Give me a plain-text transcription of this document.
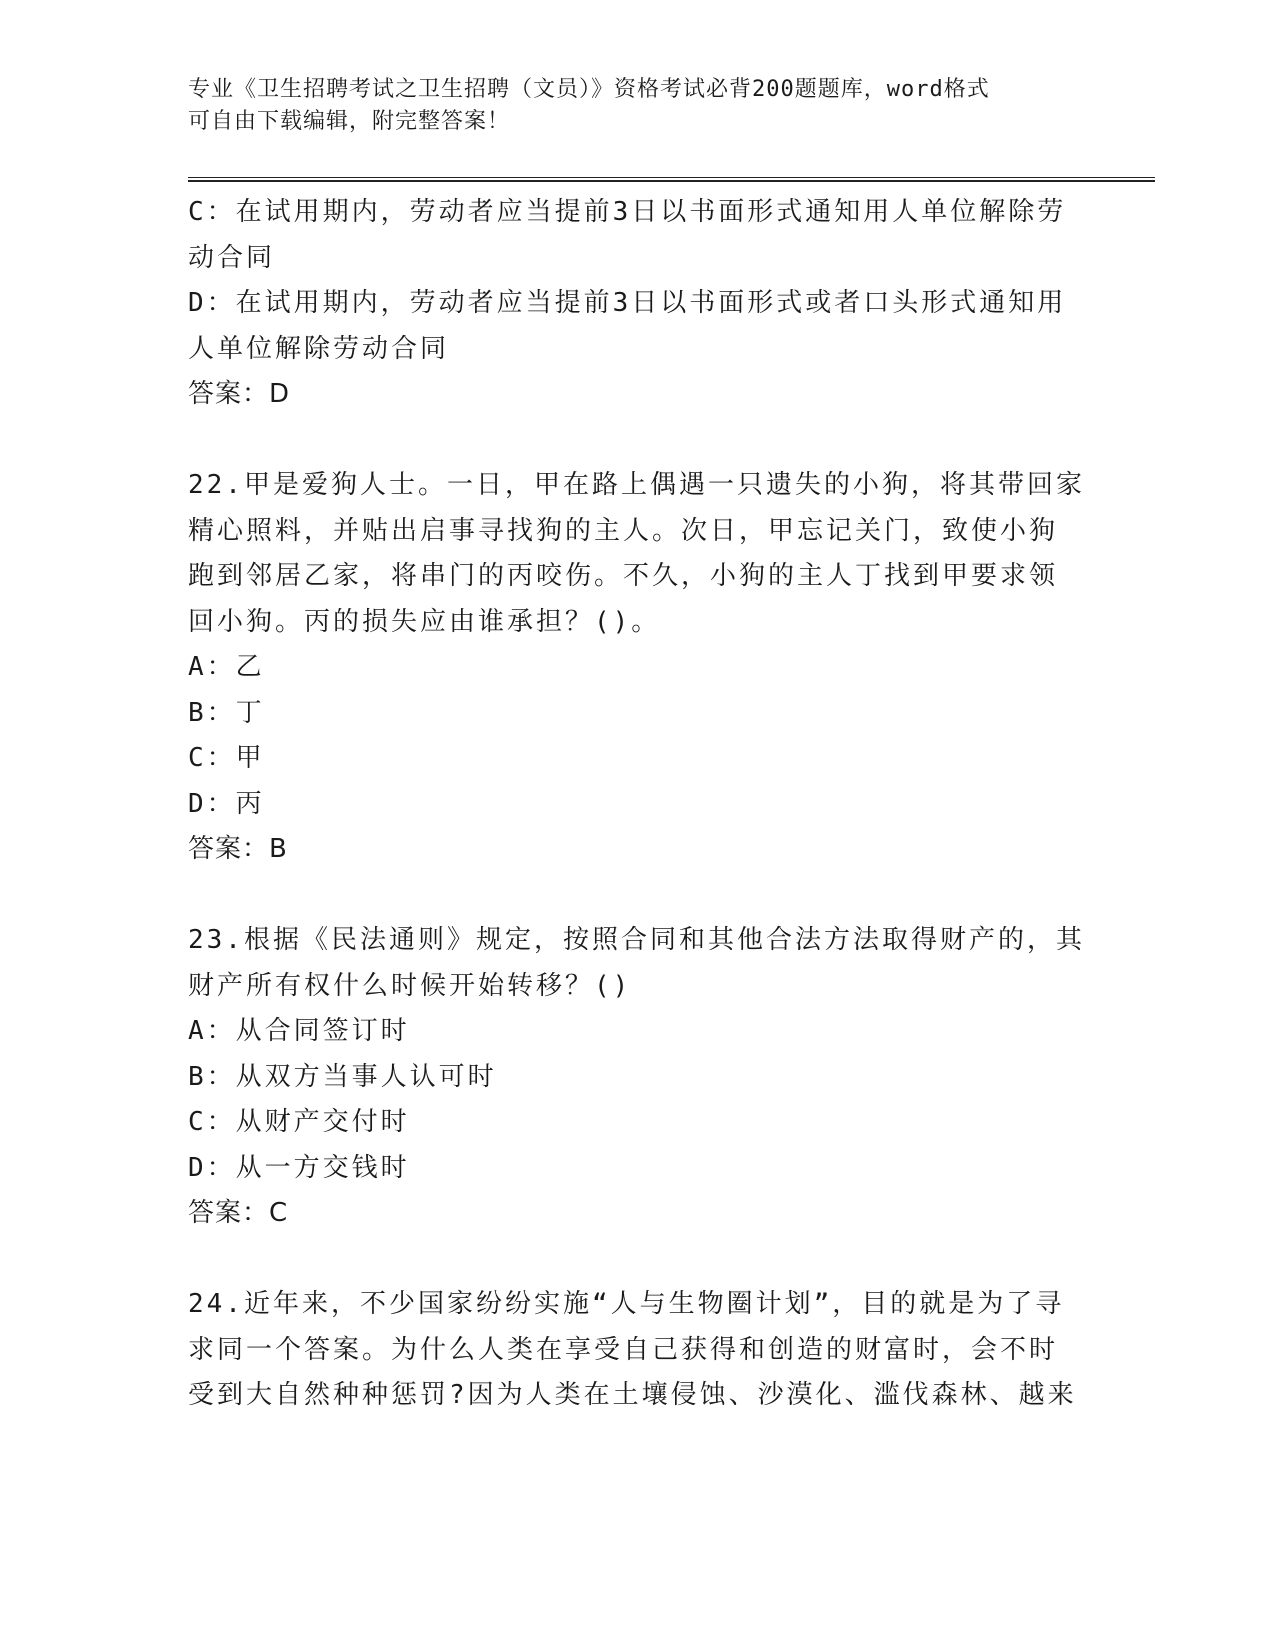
专业《卫生招聘考试之卫生招聘（文员）》资格考试必背200题题库，word格式
可自由下载编辑，附完整答案！
C：在试用期内，劳动者应当提前3日以书面形式通知用人单位解除劳
动合同
D：在试用期内，劳动者应当提前3日以书面形式或者口头形式通知用
人单位解除劳动合同
答案：D
22.甲是爱狗人士。一日，甲在路上偶遇一只遗失的小狗，将其带回家
精心照料，并贴出启事寻找狗的主人。次日，甲忘记关门，致使小狗
跑到邻居乙家，将串门的丙咬伤。不久，小狗的主人丁找到甲要求领
回小狗。丙的损失应由谁承担？()。
A：乙
B：丁
C：甲
D：丙
答案：B
23.根据《民法通则》规定，按照合同和其他合法方法取得财产的，其
财产所有权什么时候开始转移？()
A：从合同签订时
B：从双方当事人认可时
C：从财产交付时
D：从一方交钱时
答案：C
24.近年来，不少国家纷纷实施“人与生物圈计划”，目的就是为了寻
求同一个答案。为什么人类在享受自己获得和创造的财富时，会不时
受到大自然种种惩罚?因为人类在土壤侵蚀、沙漠化、滥伐森林、越来
